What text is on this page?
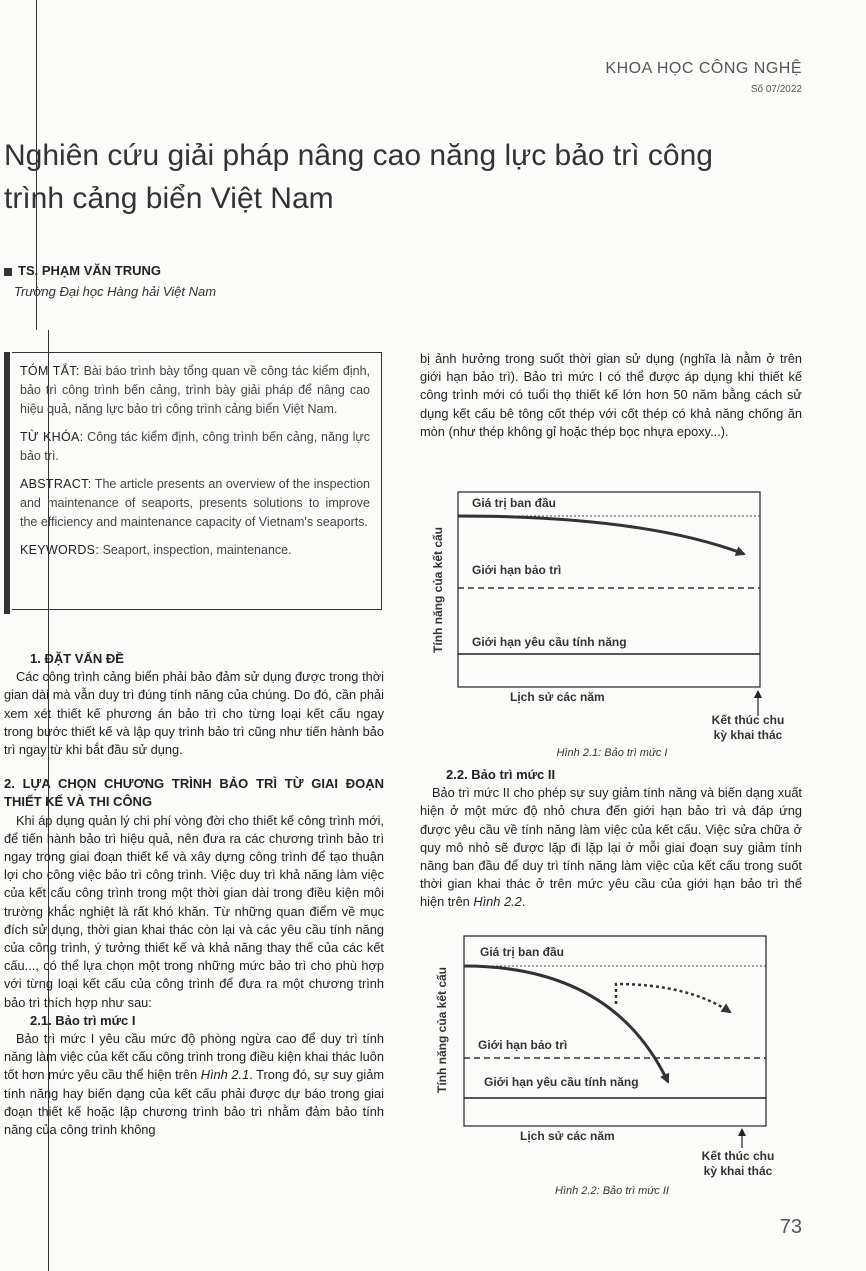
KHOA HỌC CÔNG NGHỆ
Số 07/2022
Nghiên cứu giải pháp nâng cao năng lực bảo trì công trình cảng biển Việt Nam
TS. PHẠM VĂN TRUNG
Trường Đại học Hàng hải Việt Nam

TÓM TẮT: Bài báo trình bày tổng quan về công tác kiểm định, bảo trì công trình bến cảng, trình bày giải pháp để nâng cao hiệu quả, năng lực bảo trì công trình cảng biển Việt Nam.

TỪ KHÓA: Công tác kiểm định, công trình bến cảng, năng lực bảo trì.

ABSTRACT: The article presents an overview of the inspection and maintenance of seaports, presents solutions to improve the efficiency and maintenance capacity of Vietnam's seaports.

KEYWORDS: Seaport, inspection, maintenance.

1. ĐẶT VẤN ĐỀ

Các công trình cảng biển phải bảo đảm sử dụng được trong thời gian dài mà vẫn duy trì đúng tính năng của chúng. Do đó, cần phải xem xét thiết kế phương án bảo trì cho từng loại kết cấu ngay trong bước thiết kế và lập quy trình bảo trì cũng như tiến hành bảo trì ngay từ khi bắt đầu sử dụng.

2. LỰA CHỌN CHƯƠNG TRÌNH BẢO TRÌ TỪ GIAI ĐOẠN THIẾT KẾ VÀ THI CÔNG

Khi áp dụng quản lý chi phí vòng đời cho thiết kế công trình mới, để tiến hành bảo trì hiệu quả, nên đưa ra các chương trình bảo trì ngay trong giai đoạn thiết kế và xây dựng công trình để tạo thuận lợi cho công việc bảo trì công trình. Việc duy trì khả năng làm việc của kết cấu công trình trong một thời gian dài trong điều kiện môi trường khắc nghiệt là rất khó khăn. Từ những quan điểm về mục đích sử dụng, thời gian khai thác còn lại và các yêu cầu tính năng của công trình, ý tưởng thiết kế và khả năng thay thế của các kết cấu..., có thể lựa chọn một trong những mức bảo trì cho phù hợp với từng loại kết cấu của công trình để đưa ra một chương trình bảo trì thích hợp như sau:

2.1. Bảo trì mức I

Bảo trì mức I yêu cầu mức độ phòng ngừa cao để duy trì tính năng làm việc của kết cấu công trình trong điều kiện khai thác luôn tốt hơn mức yêu cầu thể hiện trên Hình 2.1. Trong đó, sự suy giảm tính năng hay biến dạng của kết cấu phải được dự báo trong giai đoạn thiết kế hoặc lập chương trình bảo trì nhằm đảm bảo tính năng của công trình không

bị ảnh hưởng trong suốt thời gian sử dụng (nghĩa là nằm ở trên giới hạn bảo trì). Bảo trì mức I có thể được áp dụng khi thiết kế công trình mới có tuổi thọ thiết kế lớn hơn 50 năm bằng cách sử dụng kết cấu bê tông cốt thép với cốt thép có khả năng chống ăn mòn (như thép không gỉ hoặc thép bọc nhựa epoxy...).

Giá trị ban đầu
Giới hạn bảo trì
Giới hạn yêu cầu tính năng
Tính năng của kết cấu
Lịch sử các năm
Kết thúc chu
kỳ khai thác
Hình 2.1: Bảo trì mức I
2.2. Bảo trì mức II

Bảo trì mức II cho phép sự suy giảm tính năng và biến dạng xuất hiện ở một mức độ nhỏ chưa đến giới hạn bảo trì và đáp ứng được yêu cầu về tính năng làm việc của kết cấu. Việc sửa chữa ở quy mô nhỏ sẽ được lặp đi lặp lại ở mỗi giai đoạn suy giảm tính năng ban đầu để duy trì tính năng làm việc của kết cấu trong suốt thời gian khai thác ở trên mức yêu cầu của giới hạn bảo trì thể hiện trên Hình 2.2.

Giá trị ban đầu
Giới hạn bảo trì
Giới hạn yêu cầu tính năng
Tính năng của kết cấu
Lịch sử các năm
Kết thúc chu
kỳ khai thác
Hình 2.2: Bảo trì mức II
73
